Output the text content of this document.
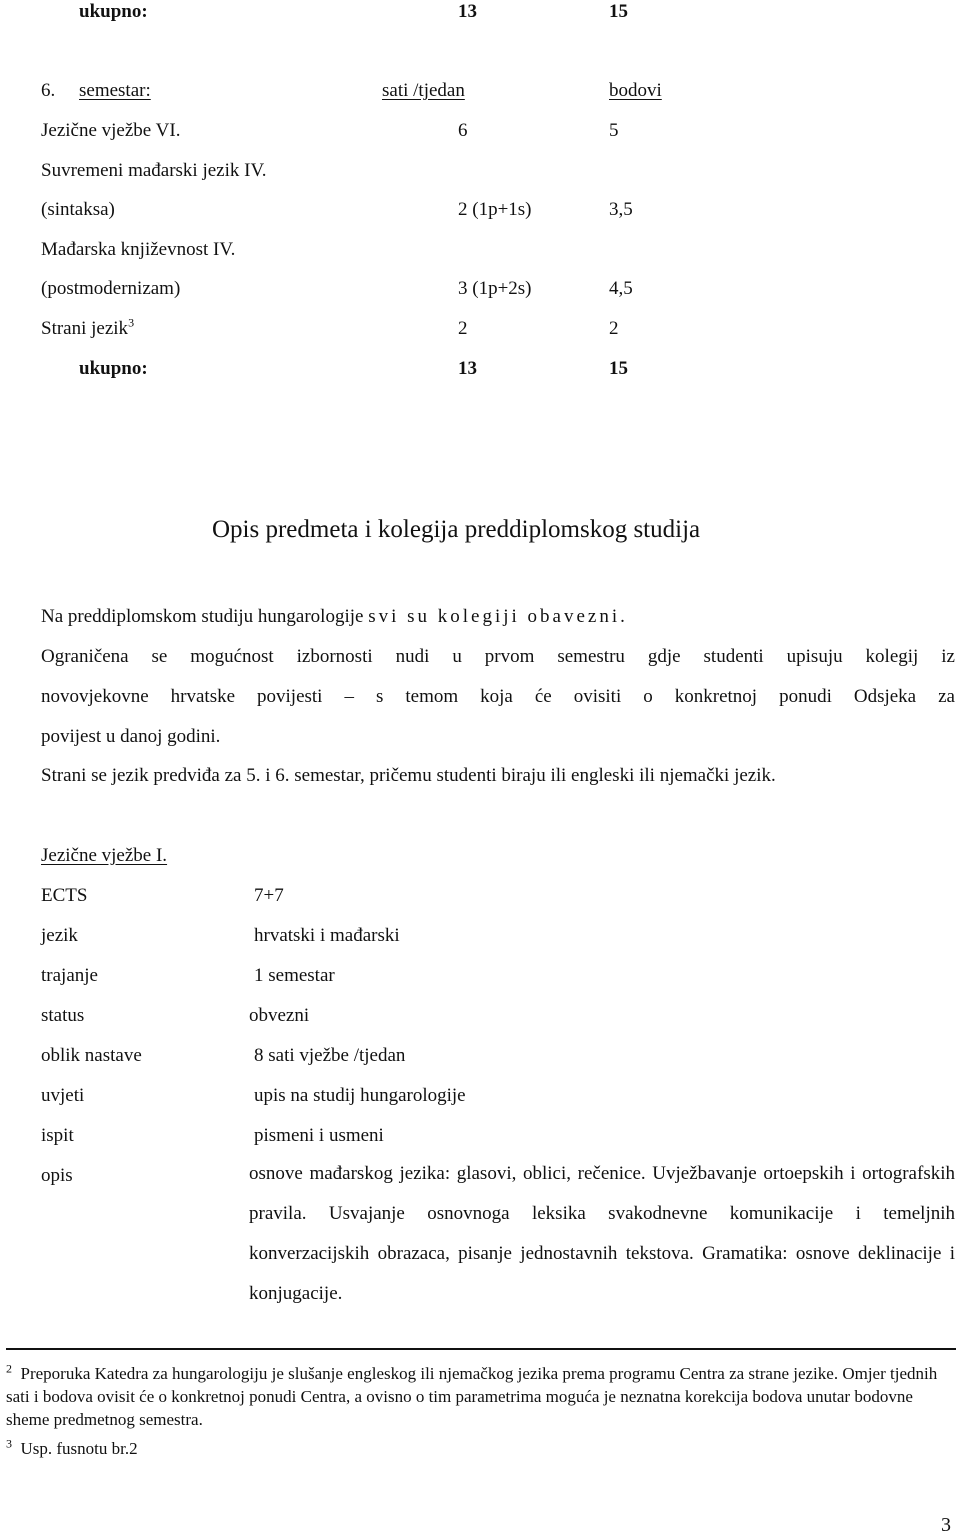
ukupno:	13	15
6. semestar:	sati /tjedan	bodovi
Jezične vježbe VI.	6	5
Suvremeni mađarski jezik IV.
(sintaksa)	2 (1p+1s)	3,5
Mađarska književnost IV.
(postmodernizam)	3 (1p+2s)	4,5
Strani jezik$^3$	2	2
ukupno:	13	15
Opis predmeta i kolegija preddiplomskog studija
Na preddiplomskom studiju hungarologije svi su kolegiji obavezni.
Ograničena se mogućnost izbornosti nudi u prvom semestru gdje studenti upisuju kolegij iz
novovjekovne hrvatske povijesti – s temom koja će ovisiti o konkretnoj ponudi Odsjeka za
povijest u danoj godini.
Strani se jezik predviđa za 5. i 6. semestar, pričemu studenti biraju ili engleski ili njemački jezik.
Jezične vježbe I.
ECTS	7+7
jezik	hrvatski i mađarski
trajanje	1 semestar
status	obvezni
oblik nastave	8 sati vježbe /tjedan
uvjeti	upis na studij hungarologije
ispit	pismeni i usmeni
opis	osnove mađarskog jezika: glasovi, oblici, rečenice. Uvježbavanje ortoepskih i ortografskih pravila. Usvajanje osnovnoga leksika svakodnevne komunikacije i temeljnih konverzacijskih obrazaca, pisanje jednostavnih tekstova. Gramatika: osnove deklinacije i konjugacije.
$^2$ Preporuka Katedra za hungarologiju je slušanje engleskog ili njemačkog jezika prema programu Centra za strane jezike. Omjer tjednih sati i bodova ovisit će o konkretnoj ponudi Centra, a ovisno o tim parametrima moguća je neznatna korekcija bodova unutar bodovne sheme predmetnog semestra.
$^3$ Usp. fusnotu br.2
3
